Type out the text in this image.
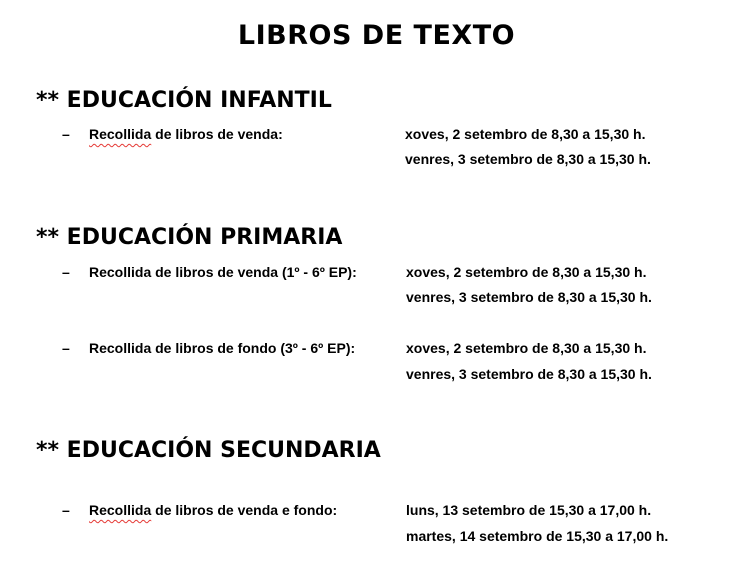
LIBROS DE TEXTO
** EDUCACIÓN INFANTIL
– Recollida de libros de venda:	xoves, 2 setembro de 8,30 a 15,30 h.
venres, 3 setembro de 8,30 a 15,30 h.
** EDUCACIÓN PRIMARIA
– Recollida de libros de venda (1º - 6º EP):	xoves, 2 setembro de 8,30 a 15,30 h.
venres, 3 setembro de 8,30 a 15,30 h.
– Recollida de libros de fondo (3º - 6º EP):	xoves, 2 setembro de 8,30 a 15,30 h.
venres, 3 setembro de 8,30 a 15,30 h.
** EDUCACIÓN SECUNDARIA
– Recollida de libros de venda e fondo:	luns, 13 setembro de 15,30 a 17,00 h.
martes, 14 setembro de 15,30 a 17,00 h.
